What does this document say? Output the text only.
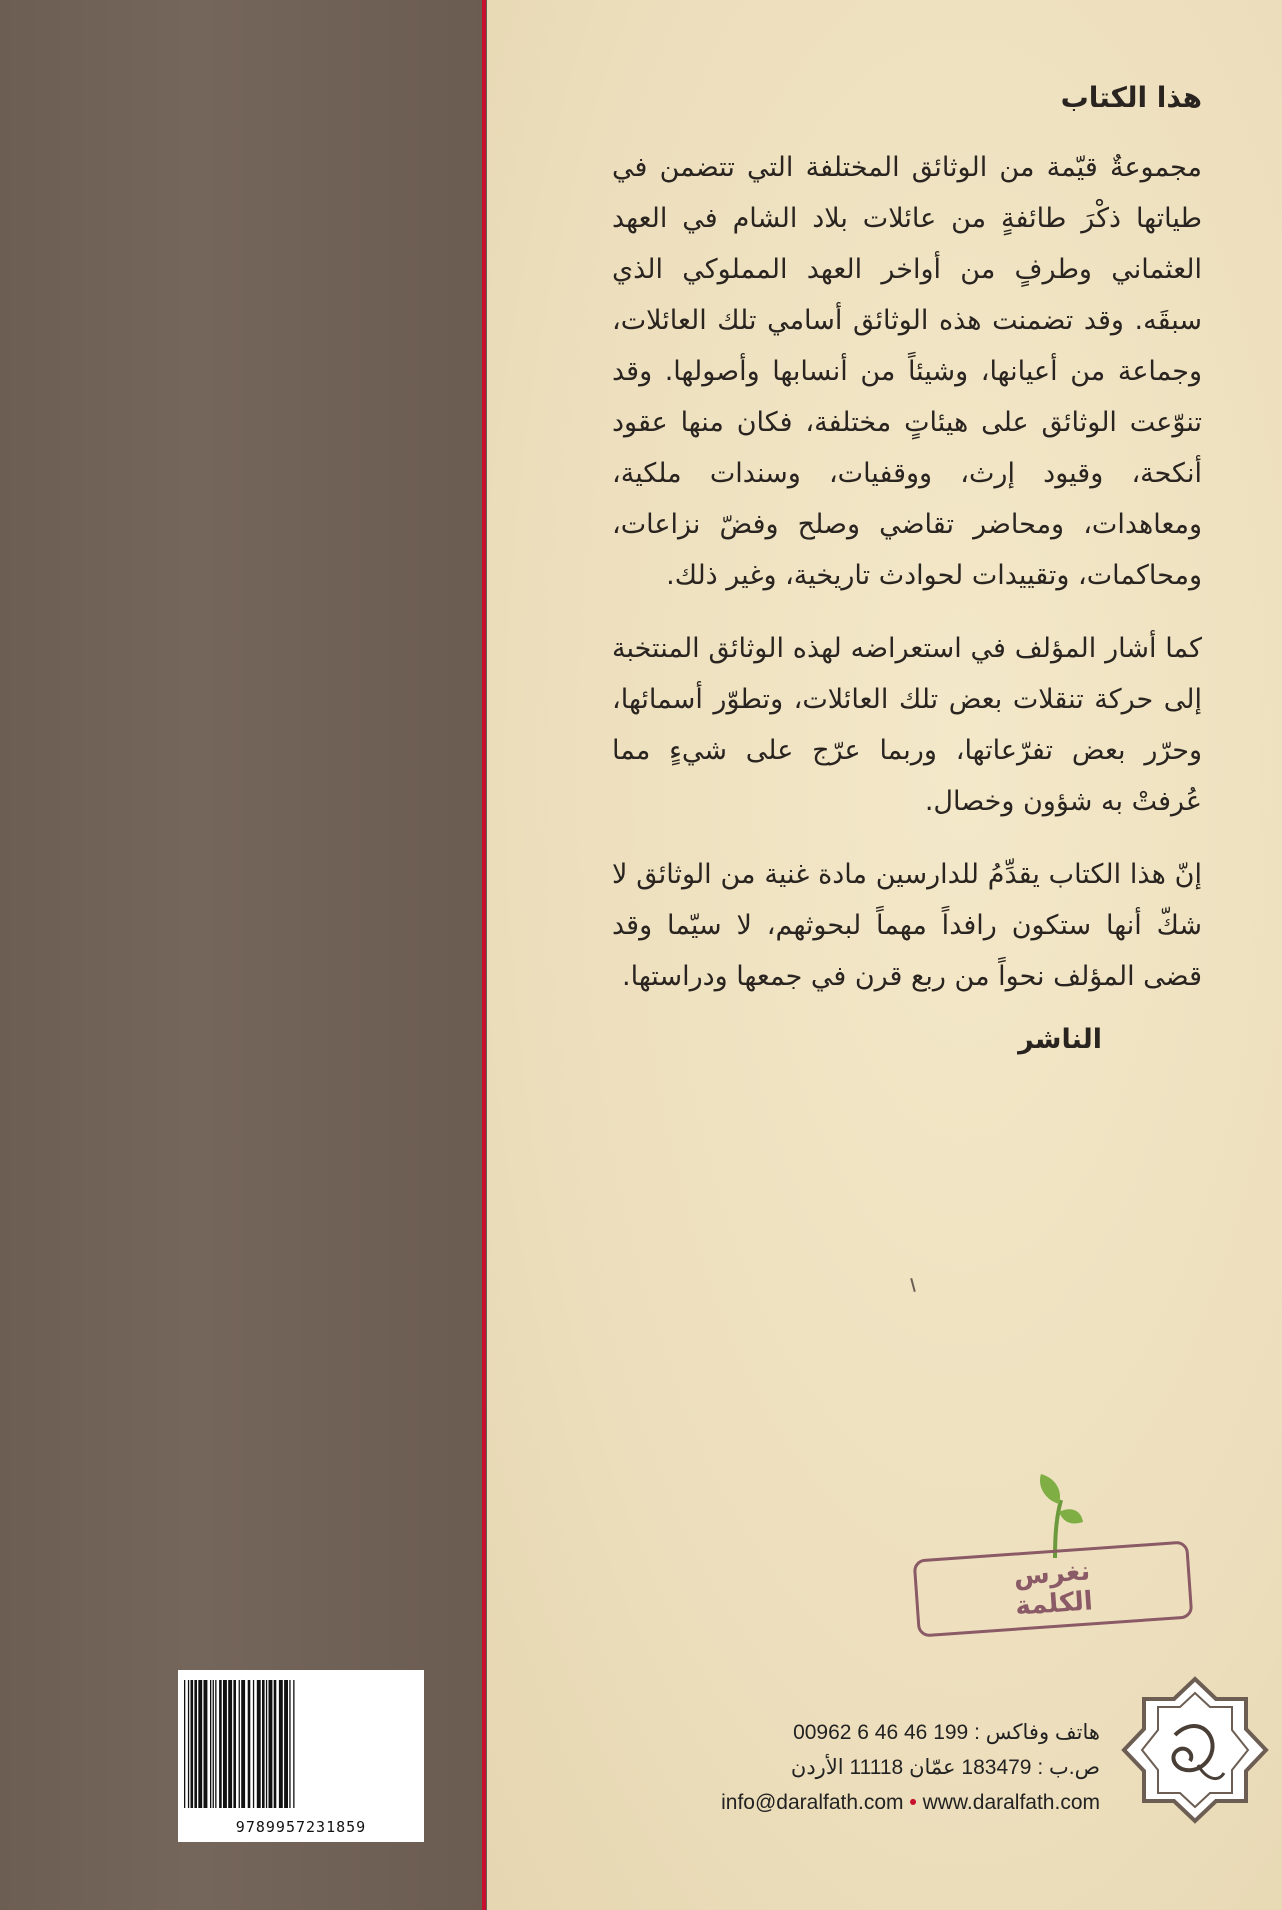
هذا الكتاب

مجموعةٌ قيّمة من الوثائق المختلفة التي تتضمن في طياتها ذكْرَ طائفةٍ من عائلات بلاد الشام في العهد العثماني وطرفٍ من أواخر العهد المملوكي الذي سبقَه. وقد تضمنت هذه الوثائق أسامي تلك العائلات، وجماعة من أعيانها، وشيئاً من أنسابها وأصولها. وقد تنوّعت الوثائق على هيئاتٍ مختلفة، فكان منها عقود أنكحة، وقيود إرث، ووقفيات، وسندات ملكية، ومعاهدات، ومحاضر تقاضي وصلح وفضّ نزاعات، ومحاكمات، وتقييدات لحوادث تاريخية، وغير ذلك.

كما أشار المؤلف في استعراضه لهذه الوثائق المنتخبة إلى حركة تنقلات بعض تلك العائلات، وتطوّر أسمائها، وحرّر بعض تفرّعاتها، وربما عرّج على شيءٍ مما عُرفتْ به شؤون وخصال.

إنّ هذا الكتاب يقدِّمُ للدارسين مادة غنية من الوثائق لا شكّ أنها ستكون رافداً مهماً لبحوثهم، لا سيّما وقد قضى المؤلف نحواً من ربع قرن في جمعها ودراستها.

الناشر
نغرس
الكلمة
9789957231859
هاتف وفاكس : 00962 6 46 46 199
ص.ب : 183479 عمّان 11118 الأردن
info@daralfath.com • www.daralfath.com
